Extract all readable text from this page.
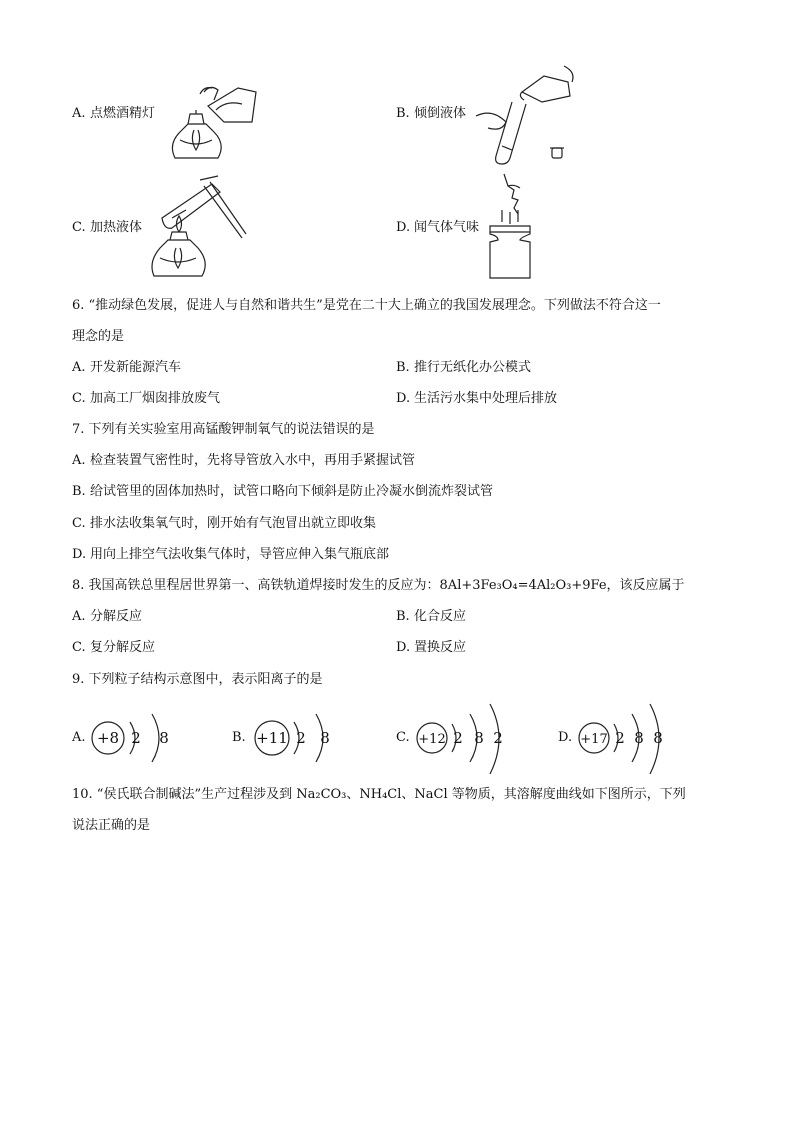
A. 点燃酒精灯	B. 倾倒液体
C. 加热液体	D. 闻气体气味
6. “推动绿色发展，促进人与自然和谐共生”是党在二十大上确立的我国发展理念。下列做法不符合这一
理念的是
A. 开发新能源汽车	B. 推行无纸化办公模式
C. 加高工厂烟囱排放废气	D. 生活污水集中处理后排放
7. 下列有关实验室用高锰酸钾制氧气的说法错误的是
A. 检查装置气密性时，先将导管放入水中，再用手紧握试管
B. 给试管里的固体加热时，试管口略向下倾斜是防止冷凝水倒流炸裂试管
C. 排水法收集氧气时，刚开始有气泡冒出就立即收集
D. 用向上排空气法收集气体时，导管应伸入集气瓶底部
8. 我国高铁总里程居世界第一、高铁轨道焊接时发生的反应为：8Al+3Fe₃O₄=4Al₂O₃+9Fe，该反应属于
A. 分解反应	B. 化合反应
C. 复分解反应	D. 置换反应
9. 下列粒子结构示意图中，表示阳离子的是
A. +8 2 8	B. +11 2 8	C. +12 2 8 2	D. +17 2 8 8
10. “侯氏联合制碱法”生产过程涉及到 Na₂CO₃、NH₄Cl、NaCl 等物质，其溶解度曲线如下图所示，下列
说法正确的是
